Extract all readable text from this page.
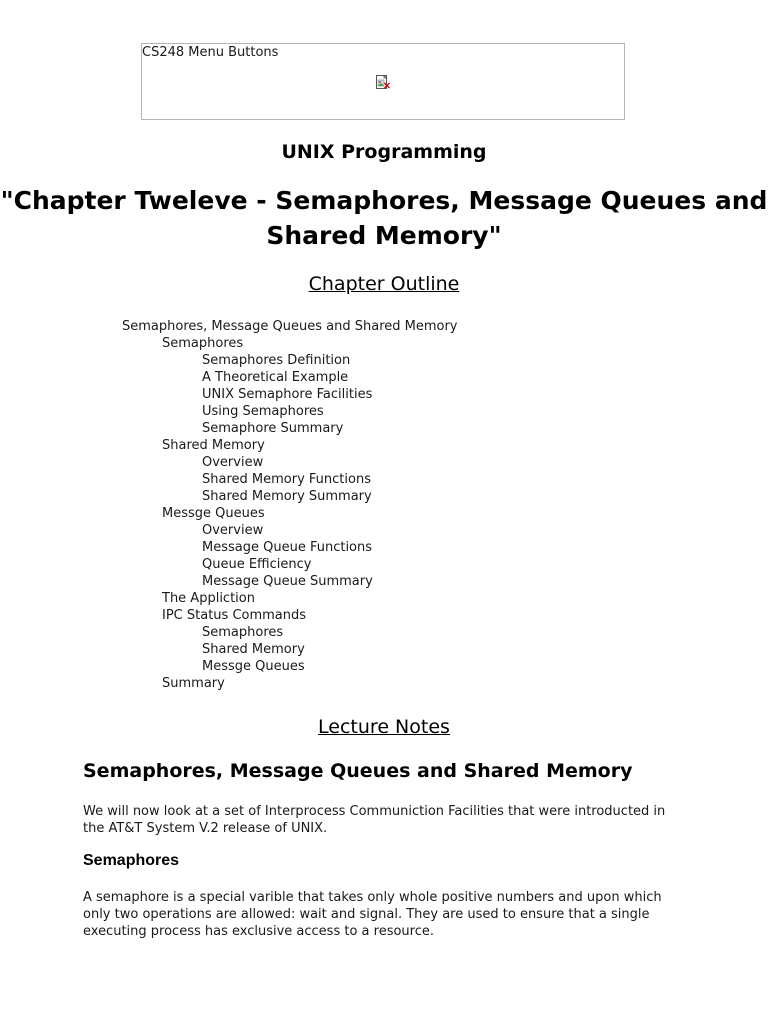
CS248 Menu Buttons
UNIX Programming
"Chapter Tweleve - Semaphores, Message Queues and Shared Memory"
Chapter Outline
Semaphores, Message Queues and Shared Memory
Semaphores
Semaphores Definition
A Theoretical Example
UNIX Semaphore Facilities
Using Semaphores
Semaphore Summary
Shared Memory
Overview
Shared Memory Functions
Shared Memory Summary
Messge Queues
Overview
Message Queue Functions
Queue Efficiency
Message Queue Summary
The Appliction
IPC Status Commands
Semaphores
Shared Memory
Messge Queues
Summary
Lecture Notes
Semaphores, Message Queues and Shared Memory
We will now look at a set of Interprocess Communiction Facilities that were introducted in the AT&T System V.2 release of UNIX.
Semaphores
A semaphore is a special varible that takes only whole positive numbers and upon which only two operations are allowed: wait and signal. They are used to ensure that a single executing process has exclusive access to a resource.
